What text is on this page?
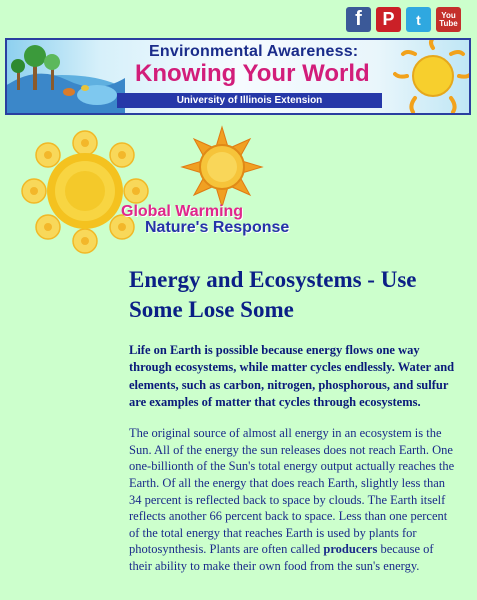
f	P	t	You
Tube
Environmental Awareness:
Knowing Your World
University of Illinois Extension
Global Warming
Nature's Response
Energy and Ecosystems - Use Some Lose Some

Life on Earth is possible because energy flows one way through ecosystems, while matter cycles endlessly. Water and elements, such as carbon, nitrogen, phosphorous, and sulfur are examples of matter that cycles through ecosystems.

The original source of almost all energy in an ecosystem is the Sun. All of the energy the sun releases does not reach Earth. One one-billionth of the Sun's total energy output actually reaches the Earth. Of all the energy that does reach Earth, slightly less than 34 percent is reflected back to space by clouds. The Earth itself reflects another 66 percent back to space. Less than one percent of the total energy that reaches Earth is used by plants for photosynthesis. Plants are often called producers because of their ability to make their own food from the sun's energy.
